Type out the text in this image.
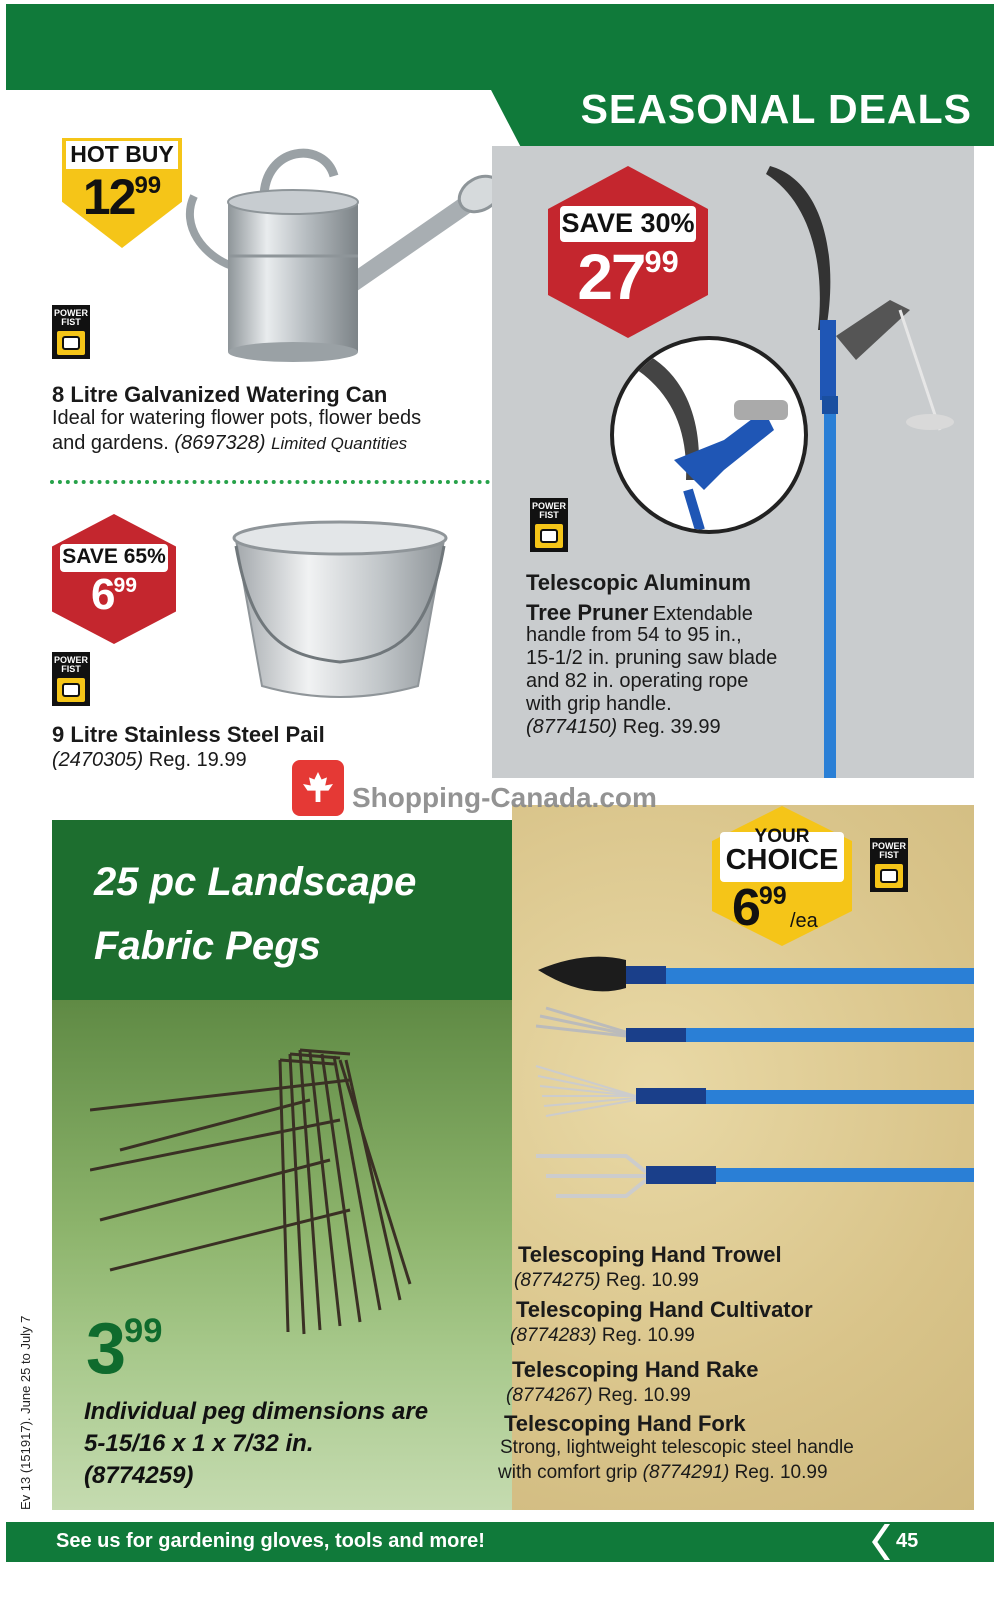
SEASONAL DEALS
HOT BUY
$12^{99}$
POWER FIST
8 Litre Galvanized Watering Can
Ideal for watering flower pots, flower beds
and gardens. (8697328) Limited Quantities
SAVE 65%
$6^{99}$
POWER FIST
9 Litre Stainless Steel Pail
(2470305) Reg. 19.99
SAVE 30%
$27^{99}$
POWER FIST
Telescopic Aluminum
Tree Pruner Extendable
handle from 54 to 95 in.,
15-1/2 in. pruning saw blade
and 82 in. operating rope
with grip handle.
(8774150) Reg. 39.99
25 pc Landscape
Fabric Pegs
$3^{99}$
Individual peg dimensions are
5-15/16 x 1 x 7/32 in.
(8774259)
YOUR
CHOICE
$6^{99}$
/ea
POWER FIST
Telescoping Hand Trowel
(8774275) Reg. 10.99
Telescoping Hand Cultivator
(8774283) Reg. 10.99
Telescoping Hand Rake
(8774267) Reg. 10.99
Telescoping Hand Fork
Strong, lightweight telescopic steel handle
with comfort grip (8774291) Reg. 10.99
Shopping-Canada.com
Ev 13 (151917). June 25 to July 7
See us for gardening gloves, tools and more!	45
